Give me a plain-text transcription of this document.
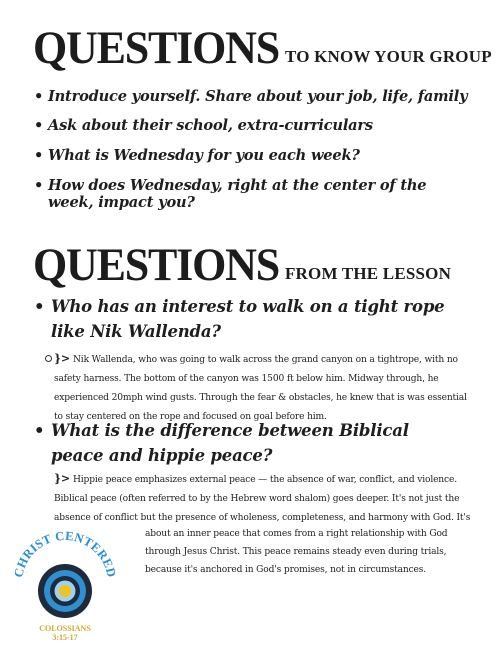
QUESTIONS TO KNOW YOUR GROUP
• Introduce yourself. Share about your job, life, family
• Ask about their school, extra-curriculars
• What is Wednesday for you each week?
• How does Wednesday, right at the center of the week, impact you?
QUESTIONS FROM THE LESSON
• Who has an interest to walk on a tight rope like Nik Wallenda?
}> Nik Wallenda, who was going to walk across the grand canyon on a tightrope, with no safety harness. The bottom of the canyon was 1500 ft below him. Midway through, he experienced 20mph wind gusts. Through the fear & obstacles, he knew that is was essential to stay centered on the rope and focused on goal before him.
• What is the difference between Biblical peace and hippie peace?
}> Hippie peace emphasizes external peace — the absence of war, conflict, and violence. Biblical peace (often referred to by the Hebrew word shalom) goes deeper. It's not just the absence of conflict but the presence of wholeness, completeness, and harmony with God. It's
about an inner peace that comes from a right relationship with God through Jesus Christ. This peace remains steady even during trials, because it's anchored in God's promises, not in circumstances.
CHRIST CENTERED
COLOSSIANS
3:15-17
